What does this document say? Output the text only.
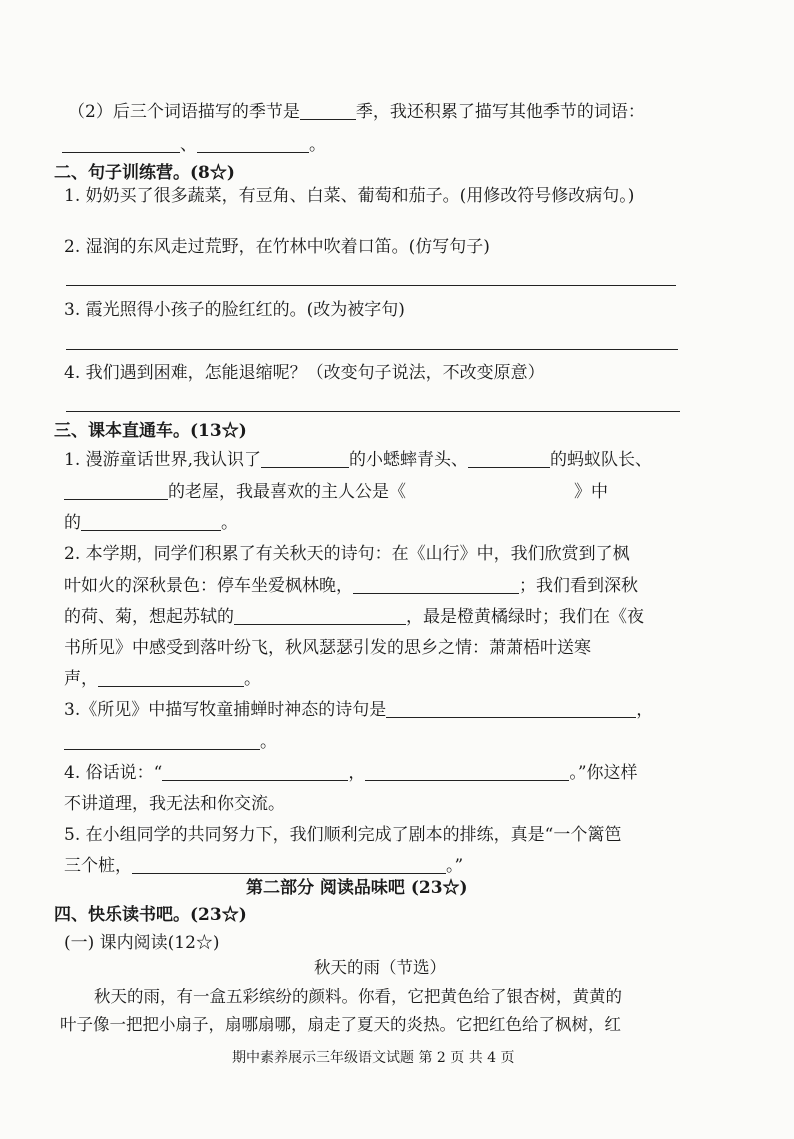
（2）后三个词语描写的季节是	季，我还积累了描写其他季节的词语：
、	。
二、句子训练营。(8☆)
1. 奶奶买了很多蔬菜，有豆角、白菜、葡萄和茄子。(用修改符号修改病句。)
2. 湿润的东风走过荒野，在竹林中吹着口笛。(仿写句子)
3. 霞光照得小孩子的脸红红的。(改为被字句)
4. 我们遇到困难，怎能退缩呢？（改变句子说法，不改变原意）
三、课本直通车。(13☆)
1. 漫游童话世界,我认识了	的小蟋蟀青头、	的蚂蚁队长、
的老屋，我最喜欢的主人公是《	》中
的	。
2. 本学期，同学们积累了有关秋天的诗句：在《山行》中，我们欣赏到了枫
叶如火的深秋景色：停车坐爱枫林晚，	；我们看到深秋
的荷、菊，想起苏轼的	，最是橙黄橘绿时；我们在《夜
书所见》中感受到落叶纷飞，秋风瑟瑟引发的思乡之情：萧萧梧叶送寒
声，	。
3.《所见》中描写牧童捕蝉时神态的诗句是	，
。
4. 俗话说：“	，	。”你这样
不讲道理，我无法和你交流。
5. 在小组同学的共同努力下，我们顺利完成了剧本的排练，真是“一个篱笆
三个桩，	。”
第二部分 阅读品味吧 (23☆)
四、快乐读书吧。(23☆)
(一) 课内阅读(12☆)
秋天的雨（节选）
秋天的雨，有一盒五彩缤纷的颜料。你看，它把黄色给了银杏树，黄黄的
叶子像一把把小扇子，扇哪扇哪，扇走了夏天的炎热。它把红色给了枫树，红
期中素养展示三年级语文试题 第 2 页 共 4 页
